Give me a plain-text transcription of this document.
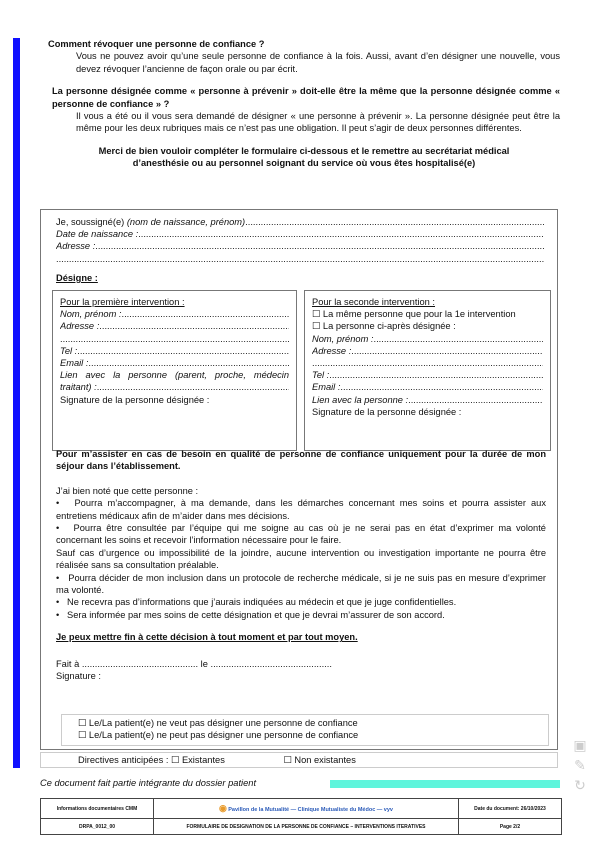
Comment révoquer une personne de confiance ?
Vous ne pouvez avoir qu’une seule personne de confiance à la fois. Aussi, avant d’en désigner une nouvelle, vous devez révoquer l’ancienne de façon orale ou par écrit.
La personne désignée comme « personne à prévenir » doit-elle être la même que la personne désignée comme « personne de confiance » ?
Il vous a été ou il vous sera demandé de désigner « une personne à prévenir ». La personne désignée peut être la même pour les deux rubriques mais ce n’est pas une obligation. Il peut s’agir de deux personnes différentes.
Merci de bien vouloir compléter le formulaire ci-dessous et le remettre au secrétariat médical d’anesthésie ou au personnel soignant du service où vous êtes hospitalisé(e)
Je, soussigné(e)
(nom de naissance, prénom)
.....
Date de naissance :
.....
Adresse :
.....
.....
Désigne :
Pour la première intervention :
Nom, prénom :
.....
Adresse :
.....
.....
Tel :
.....
Email :
.....
Lien avec la personne (parent, proche, médecin
traitant) :
.....
Signature de la personne désignée :
Pour la seconde intervention :
☐ La même personne que pour la 1e intervention
☐ La personne ci-après désignée :
Nom, prénom :
.....
Adresse :
.....
.....
Tel :
.....
Email :
.....
Lien avec la personne :
.....
Signature de la personne désignée :
Pour m’assister en cas de besoin en qualité de personne de confiance uniquement pour la durée de mon séjour dans l’établissement.
J’ai bien noté que cette personne :
•   Pourra m’accompagner, à ma demande, dans les démarches concernant mes soins et pourra assister aux entretiens médicaux afin de m’aider dans mes décisions.
•   Pourra être consultée par l’équipe qui me soigne au cas où je ne serai pas en état d’exprimer ma volonté concernant les soins et recevoir l’information nécessaire pour le faire.
Sauf cas d’urgence ou impossibilité de la joindre, aucune intervention ou investigation importante ne pourra être réalisée sans sa consultation préalable.
•   Pourra décider de mon inclusion dans un protocole de recherche médicale, si je ne suis pas en mesure d’exprimer ma volonté.
•   Ne recevra pas d’informations que j’aurais indiquées au médecin et que je juge confidentielles.
•   Sera informée par mes soins de cette désignation et que je devrai m’assurer de son accord.
Je peux mettre fin à cette décision à tout moment et par tout moyen.
Fait à ............................................. le ...............................................
Signature :
☐ Le/La patient(e) ne veut pas désigner une personne de confiance
☐ Le/La patient(e) ne peut pas désigner une personne de confiance
Directives anticipées : ☐ Existantes	☐ Non existantes
Ce document fait partie intégrante du dossier patient
▣
✎
↻
Informations documentaires CMM	◉ Pavillon de la Mutualité — Clinique Mutualiste du Médoc — vyv	Date du document: 26/10/2023
DRPA_0012_00	FORMULAIRE DE DESIGNATION DE LA PERSONNE DE CONFIANCE – INTERVENTIONS ITERATIVES	Page 2/2
